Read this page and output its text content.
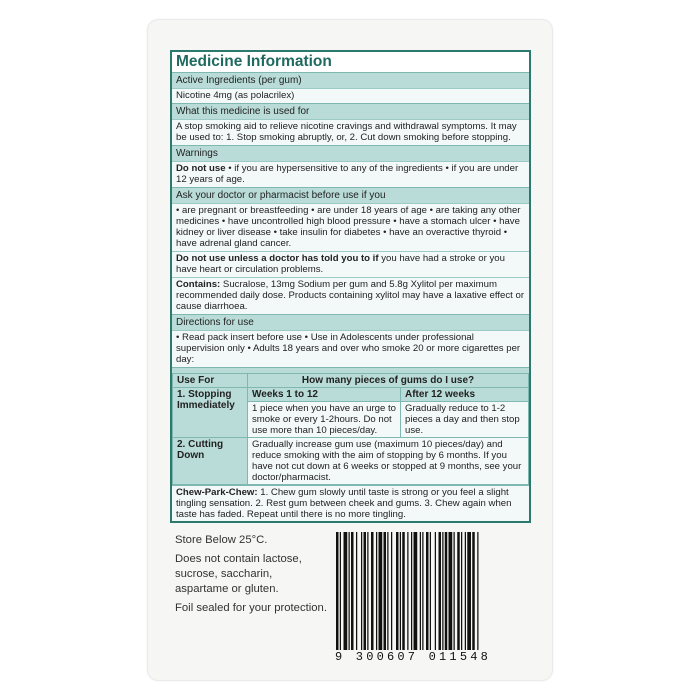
Medicine Information
Active Ingredients (per gum)
Nicotine 4mg (as polacrilex)
What this medicine is used for
A stop smoking aid to relieve nicotine cravings and withdrawal symptoms. It may be used to: 1. Stop smoking abruptly, or, 2. Cut down smoking before stopping.
Warnings
Do not use • if you are hypersensitive to any of the ingredients • if you are under 12 years of age.
Ask your doctor or pharmacist before use if you
• are pregnant or breastfeeding • are under 18 years of age • are taking any other medicines • have uncontrolled high blood pressure • have a stomach ulcer • have kidney or liver disease • take insulin for diabetes • have an overactive thyroid • have adrenal gland cancer.
Do not use unless a doctor has told you to if you have had a stroke or you have heart or circulation problems.
Contains: Sucralose, 13mg Sodium per gum and 5.8g Xylitol per maximum recommended daily dose. Products containing xylitol may have a laxative effect or cause diarrhoea.
Directions for use
• Read pack insert before use • Use in Adolescents under professional supervision only • Adults 18 years and over who smoke 20 or more cigarettes per day:
Use For	How many pieces of gums do I use?	
1. Stopping Immediately	Weeks 1 to 12	After 12 weeks
	1 piece when you have an urge to smoke or every 1-2hours. Do not use more than 10 pieces/day.	Gradually reduce to 1-2 pieces a day and then stop use.
2. Cutting Down	Gradually increase gum use (maximum 10 pieces/day) and reduce smoking with the aim of stopping by 6 months. If you have not cut down at 6 weeks or stopped at 9 months, see your doctor/pharmacist.	
Chew-Park-Chew: 1. Chew gum slowly until taste is strong or you feel a slight tingling sensation. 2. Rest gum between cheek and gums. 3. Chew again when taste has faded. Repeat until there is no more tingling.

Store Below 25°C.

Does not contain lactose, sucrose, saccharin, aspartame or gluten.

Foil sealed for your protection.

9 300607 011548
